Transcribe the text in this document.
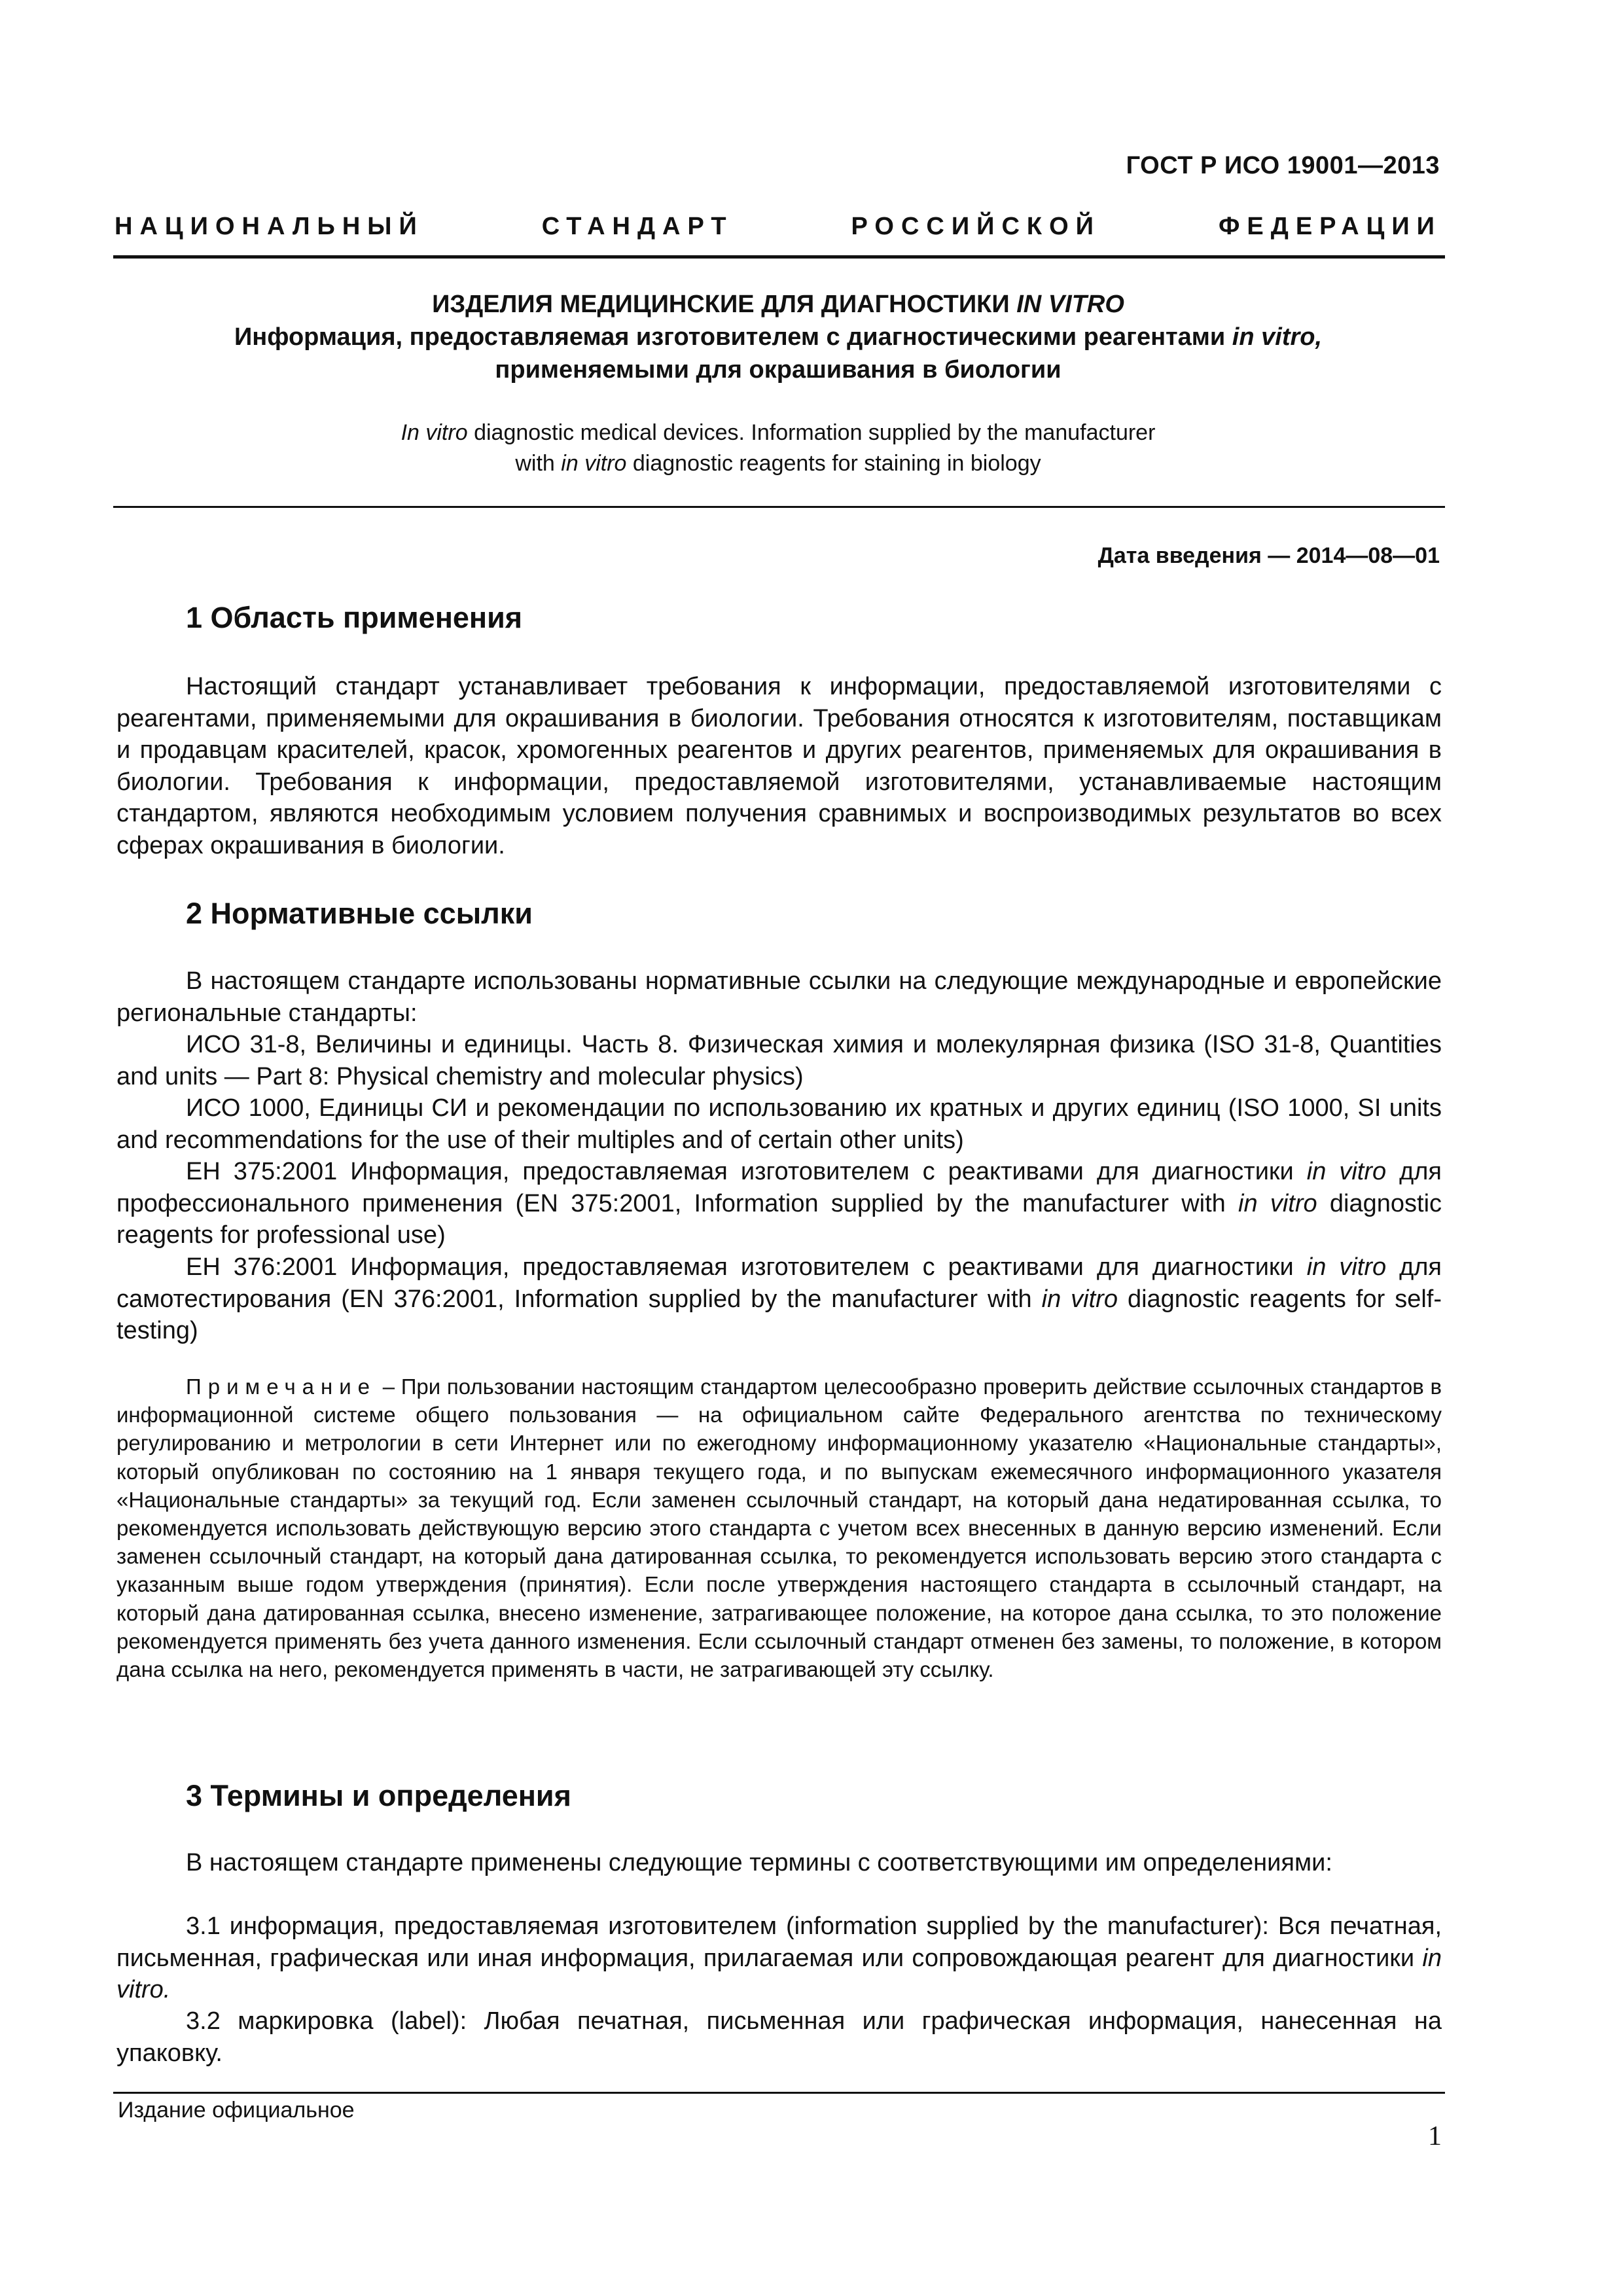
ГОСТ Р ИСО 19001—2013
НАЦИОНАЛЬНЫЙ СТАНДАРТ РОССИЙСКОЙ ФЕДЕРАЦИИ
ИЗДЕЛИЯ МЕДИЦИНСКИЕ ДЛЯ ДИАГНОСТИКИ IN VITRO
Информация, предоставляемая изготовителем с диагностическими реагентами in vitro,
применяемыми для окрашивания в биологии
In vitro diagnostic medical devices. Information supplied by the manufacturer
with in vitro diagnostic reagents for staining in biology
Дата введения — 2014—08—01
1 Область применения

Настоящий стандарт устанавливает требования к информации, предоставляемой изготовителями с реагентами, применяемыми для окрашивания в биологии. Требования относятся к изготовителям, поставщикам и продавцам красителей, красок, хромогенных реагентов и других реагентов, применяемых для окрашивания в биологии. Требования к информации, предоставляемой изготовителями, устанавливаемые настоящим стандартом, являются необходимым условием получения сравнимых и воспроизводимых результатов во всех сферах окрашивания в биологии.

2 Нормативные ссылки

В настоящем стандарте использованы нормативные ссылки на следующие международные и европейские региональные стандарты:

ИСО 31-8, Величины и единицы. Часть 8. Физическая химия и молекулярная физика (ISO 31-8, Quantities and units — Part 8: Physical chemistry and molecular physics)

ИСО 1000, Единицы СИ и рекомендации по использованию их кратных и других единиц (ISO 1000, SI units and recommendations for the use of their multiples and of certain other units)

ЕН 375:2001 Информация, предоставляемая изготовителем с реактивами для диагностики in vitro для профессионального применения (EN 375:2001, Information supplied by the manufacturer with in vitro diagnostic reagents for professional use)

ЕН 376:2001 Информация, предоставляемая изготовителем с реактивами для диагностики in vitro для самотестирования (EN 376:2001, Information supplied by the manufacturer with in vitro diagnostic reagents for self-testing)

Примечание – При пользовании настоящим стандартом целесообразно проверить действие ссылочных стандартов в информационной системе общего пользования — на официальном сайте Федерального агентства по техническому регулированию и метрологии в сети Интернет или по ежегодному информационному указателю «Национальные стандарты», который опубликован по состоянию на 1 января текущего года, и по выпускам ежемесячного информационного указателя «Национальные стандарты» за текущий год. Если заменен ссылочный стандарт, на который дана недатированная ссылка, то рекомендуется использовать действующую версию этого стандарта с учетом всех внесенных в данную версию изменений. Если заменен ссылочный стандарт, на который дана датированная ссылка, то рекомендуется использовать версию этого стандарта с указанным выше годом утверждения (принятия). Если после утверждения настоящего стандарта в ссылочный стандарт, на который дана датированная ссылка, внесено изменение, затрагивающее положение, на которое дана ссылка, то это положение рекомендуется применять без учета данного изменения. Если ссылочный стандарт отменен без замены, то положение, в котором дана ссылка на него, рекомендуется применять в части, не затрагивающей эту ссылку.

3 Термины и определения

В настоящем стандарте применены следующие термины с соответствующими им определениями:

3.1 информация, предоставляемая изготовителем (information supplied by the manufacturer): Вся печатная, письменная, графическая или иная информация, прилагаемая или сопровождающая реагент для диагностики in vitro.

3.2 маркировка (label): Любая печатная, письменная или графическая информация, нанесенная на упаковку.

Издание официальное
1
